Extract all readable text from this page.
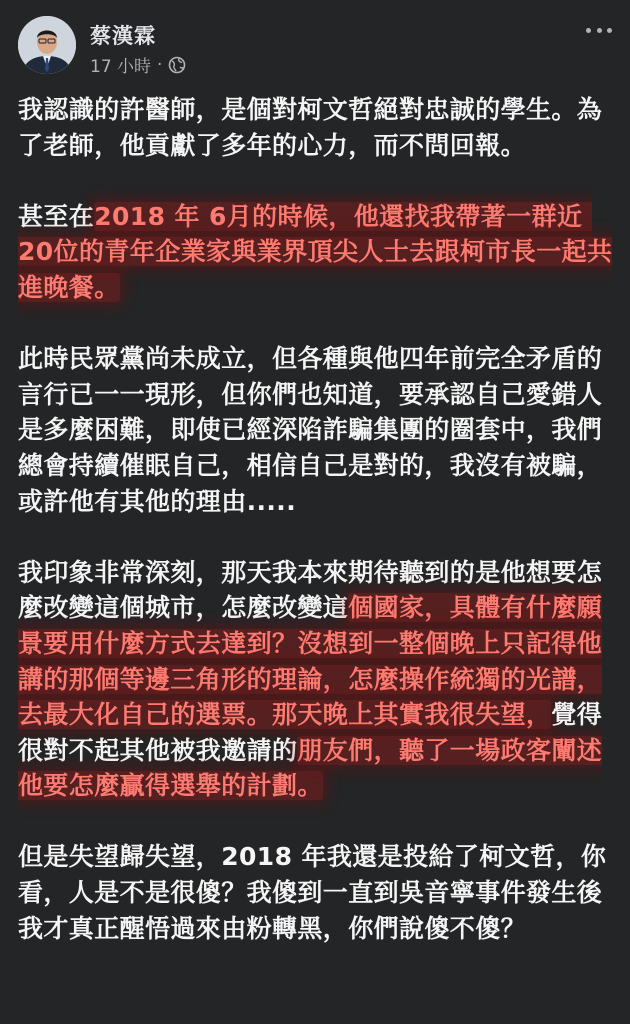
蔡漢霖
17 小時 ·

我認識的許醫師，是個對柯文哲絕對忠誠的學生。為了老師，他貢獻了多年的心力，而不問回報。

甚至在2018 年 6月的時候，他還找我帶著一群近 20位的青年企業家與業界頂尖人士去跟柯市長一起共進晚餐。

此時民眾黨尚未成立，但各種與他四年前完全矛盾的言行已一一現形，但你們也知道，要承認自己愛錯人是多麼困難，即使已經深陷詐騙集團的圈套中，我們總會持續催眠自己，相信自己是對的，我沒有被騙，或許他有其他的理由.....

我印象非常深刻，那天我本來期待聽到的是他想要怎麼改變這個城市，怎麼改變這個國家，具體有什麼願景要用什麼方式去達到？沒想到一整個晚上只記得他講的那個等邊三角形的理論，怎麼操作統獨的光譜，去最大化自己的選票。那天晚上其實我很失望，覺得很對不起其他被我邀請的朋友們，聽了一場政客闡述他要怎麼贏得選舉的計劃。

但是失望歸失望，2018 年我還是投給了柯文哲，你看，人是不是很傻？我傻到一直到吳音寧事件發生後我才真正醒悟過來由粉轉黑，你們說傻不傻？
